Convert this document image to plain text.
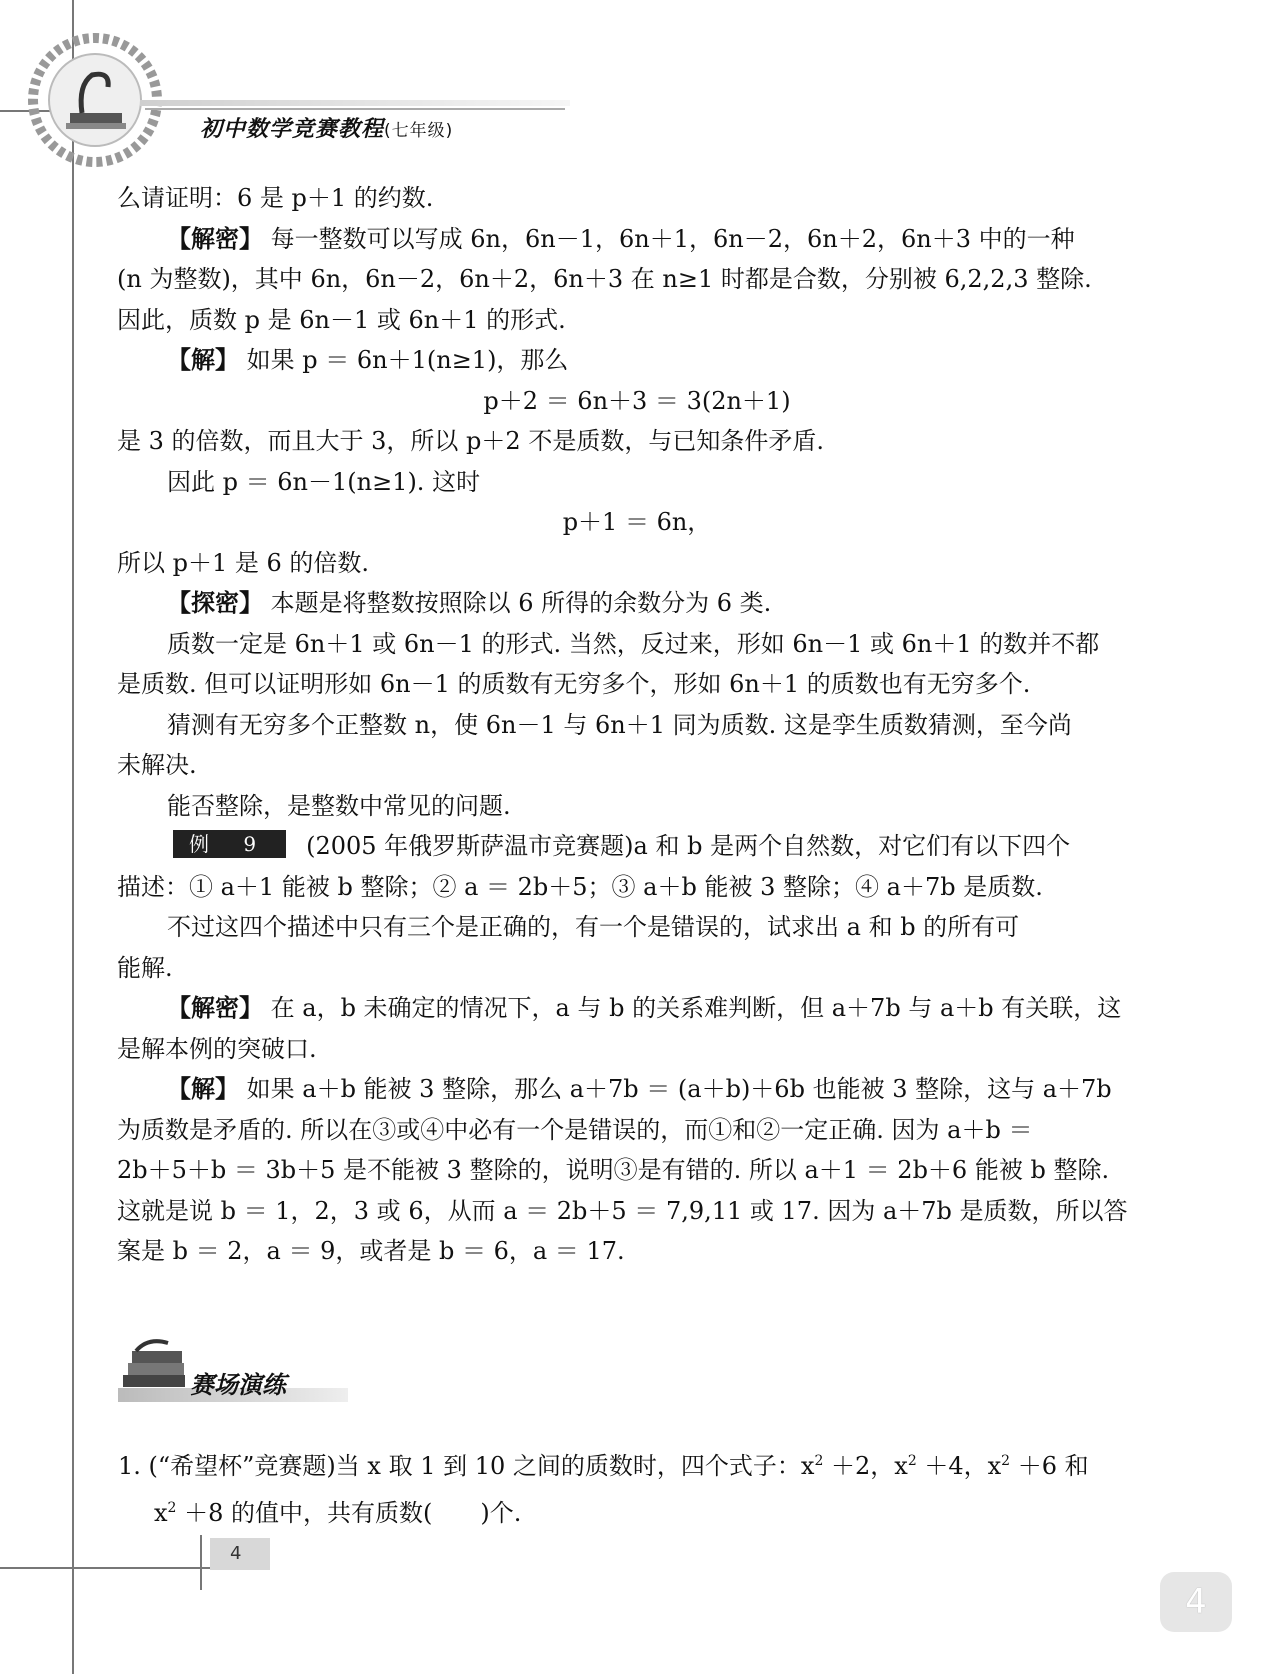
初中数学竞赛教程(七年级)

么请证明：6 是 p＋1 的约数.

【解密】 每一整数可以写成 6n，6n－1，6n＋1，6n－2，6n＋2，6n＋3 中的一种

(n 为整数)，其中 6n，6n－2，6n＋2，6n＋3 在 n≥1 时都是合数，分别被 6,2,2,3 整除.

因此，质数 p 是 6n－1 或 6n＋1 的形式.

【解】 如果 p ＝ 6n＋1(n≥1)，那么

p＋2 ＝ 6n＋3 ＝ 3(2n＋1)

是 3 的倍数，而且大于 3，所以 p＋2 不是质数，与已知条件矛盾.

因此 p ＝ 6n－1(n≥1). 这时

p＋1 ＝ 6n，

所以 p＋1 是 6 的倍数.

【探密】 本题是将整数按照除以 6 所得的余数分为 6 类.

质数一定是 6n＋1 或 6n－1 的形式. 当然，反过来，形如 6n－1 或 6n＋1 的数并不都

是质数. 但可以证明形如 6n－1 的质数有无穷多个，形如 6n＋1 的质数也有无穷多个.

猜测有无穷多个正整数 n，使 6n－1 与 6n＋1 同为质数. 这是孪生质数猜测，至今尚

未解决.

能否整除，是整数中常见的问题.

例 9 (2005 年俄罗斯萨温市竞赛题)a 和 b 是两个自然数，对它们有以下四个

描述：① a＋1 能被 b 整除；② a ＝ 2b＋5；③ a＋b 能被 3 整除；④ a＋7b 是质数.

不过这四个描述中只有三个是正确的，有一个是错误的，试求出 a 和 b 的所有可

能解.

【解密】 在 a，b 未确定的情况下，a 与 b 的关系难判断，但 a＋7b 与 a＋b 有关联，这

是解本例的突破口.

【解】 如果 a＋b 能被 3 整除，那么 a＋7b ＝ (a＋b)＋6b 也能被 3 整除，这与 a＋7b

为质数是矛盾的. 所以在③或④中必有一个是错误的，而①和②一定正确. 因为 a＋b ＝

2b＋5＋b ＝ 3b＋5 是不能被 3 整除的，说明③是有错的. 所以 a＋1 ＝ 2b＋6 能被 b 整除.

这就是说 b ＝ 1，2，3 或 6，从而 a ＝ 2b＋5 ＝ 7,9,11 或 17. 因为 a＋7b 是质数，所以答

案是 b ＝ 2，a ＝ 9，或者是 b ＝ 6，a ＝ 17.

赛场演练

1. (“希望杯”竞赛题)当 x 取 1 到 10 之间的质数时，四个式子：$x^2 +2$，$x^2 +4$，$x^2 +6$ 和

$x^2 +8$ 的值中，共有质数(　　)个.

4
4
